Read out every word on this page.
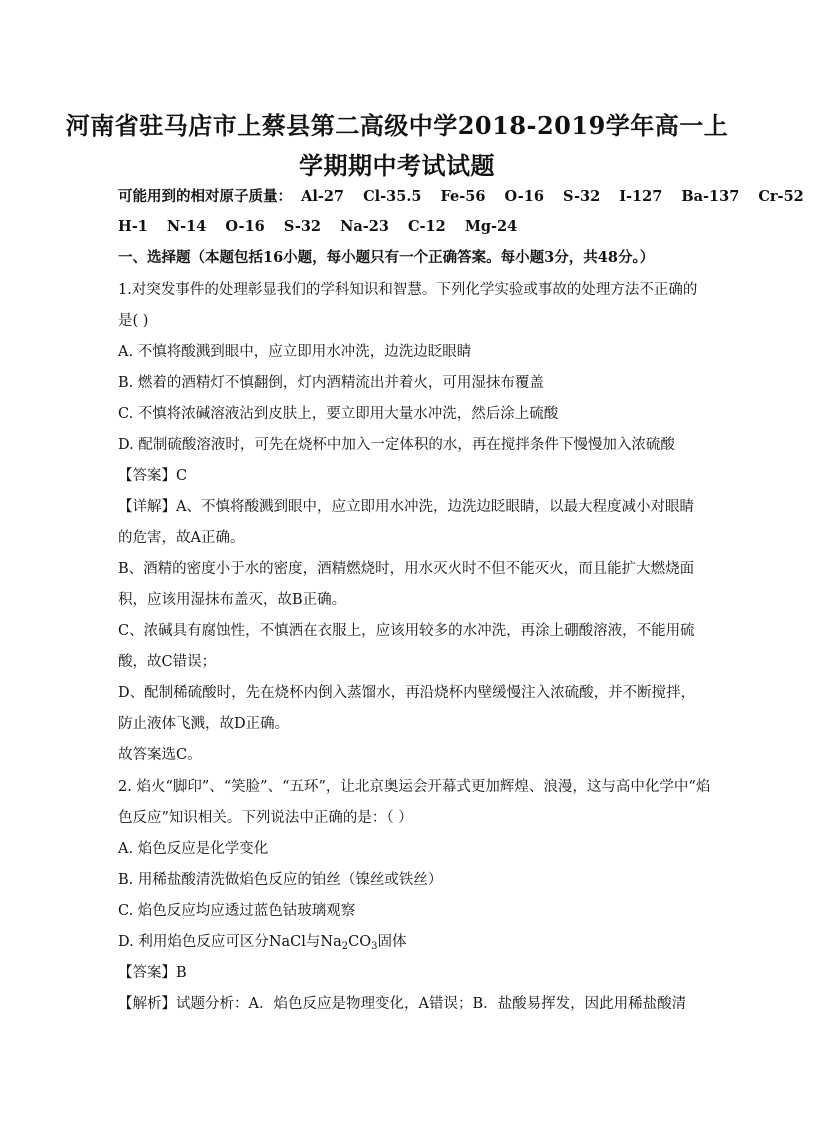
河南省驻马店市上蔡县第二高级中学2018-2019学年高一上
学期期中考试试题
可能用到的相对原子质量： Al-27 Cl-35.5 Fe-56 O-16 S-32 I-127 Ba-137 Cr-52
H-1 N-14 O-16 S-32 Na-23 C-12 Mg-24
一、选择题（本题包括16小题，每小题只有一个正确答案。每小题3分，共48分。）
1.对突发事件的处理彰显我们的学科知识和智慧。下列化学实验或事故的处理方法不正确的
是( )
A. 不慎将酸溅到眼中，应立即用水冲洗，边洗边眨眼睛
B. 燃着的酒精灯不慎翻倒，灯内酒精流出并着火，可用湿抹布覆盖
C. 不慎将浓碱溶液沾到皮肤上，要立即用大量水冲洗，然后涂上硫酸
D. 配制硫酸溶液时，可先在烧杯中加入一定体积的水，再在搅拌条件下慢慢加入浓硫酸
【答案】C
【详解】A、不慎将酸溅到眼中，应立即用水冲洗，边洗边眨眼睛，以最大程度减小对眼睛
的危害，故A正确。
B、酒精的密度小于水的密度，酒精燃烧时，用水灭火时不但不能灭火，而且能扩大燃烧面
积，应该用湿抹布盖灭，故B正确。
C、浓碱具有腐蚀性，不慎洒在衣服上，应该用较多的水冲洗，再涂上硼酸溶液，不能用硫
酸，故C错误；
D、配制稀硫酸时，先在烧杯内倒入蒸馏水，再沿烧杯内壁缓慢注入浓硫酸，并不断搅拌，
防止液体飞溅，故D正确。
故答案选C。
2. 焰火“脚印”、“笑脸”、“五环”，让北京奥运会开幕式更加辉煌、浪漫，这与高中化学中“焰
色反应”知识相关。下列说法中正确的是：（ ）
A. 焰色反应是化学变化
B. 用稀盐酸清洗做焰色反应的铂丝（镍丝或铁丝）
C. 焰色反应均应透过蓝色钴玻璃观察
D. 利用焰色反应可区分NaCl与$Na_2CO_3$固体
【答案】B
【解析】试题分析：A．焰色反应是物理变化，A错误；B．盐酸易挥发，因此用稀盐酸清
